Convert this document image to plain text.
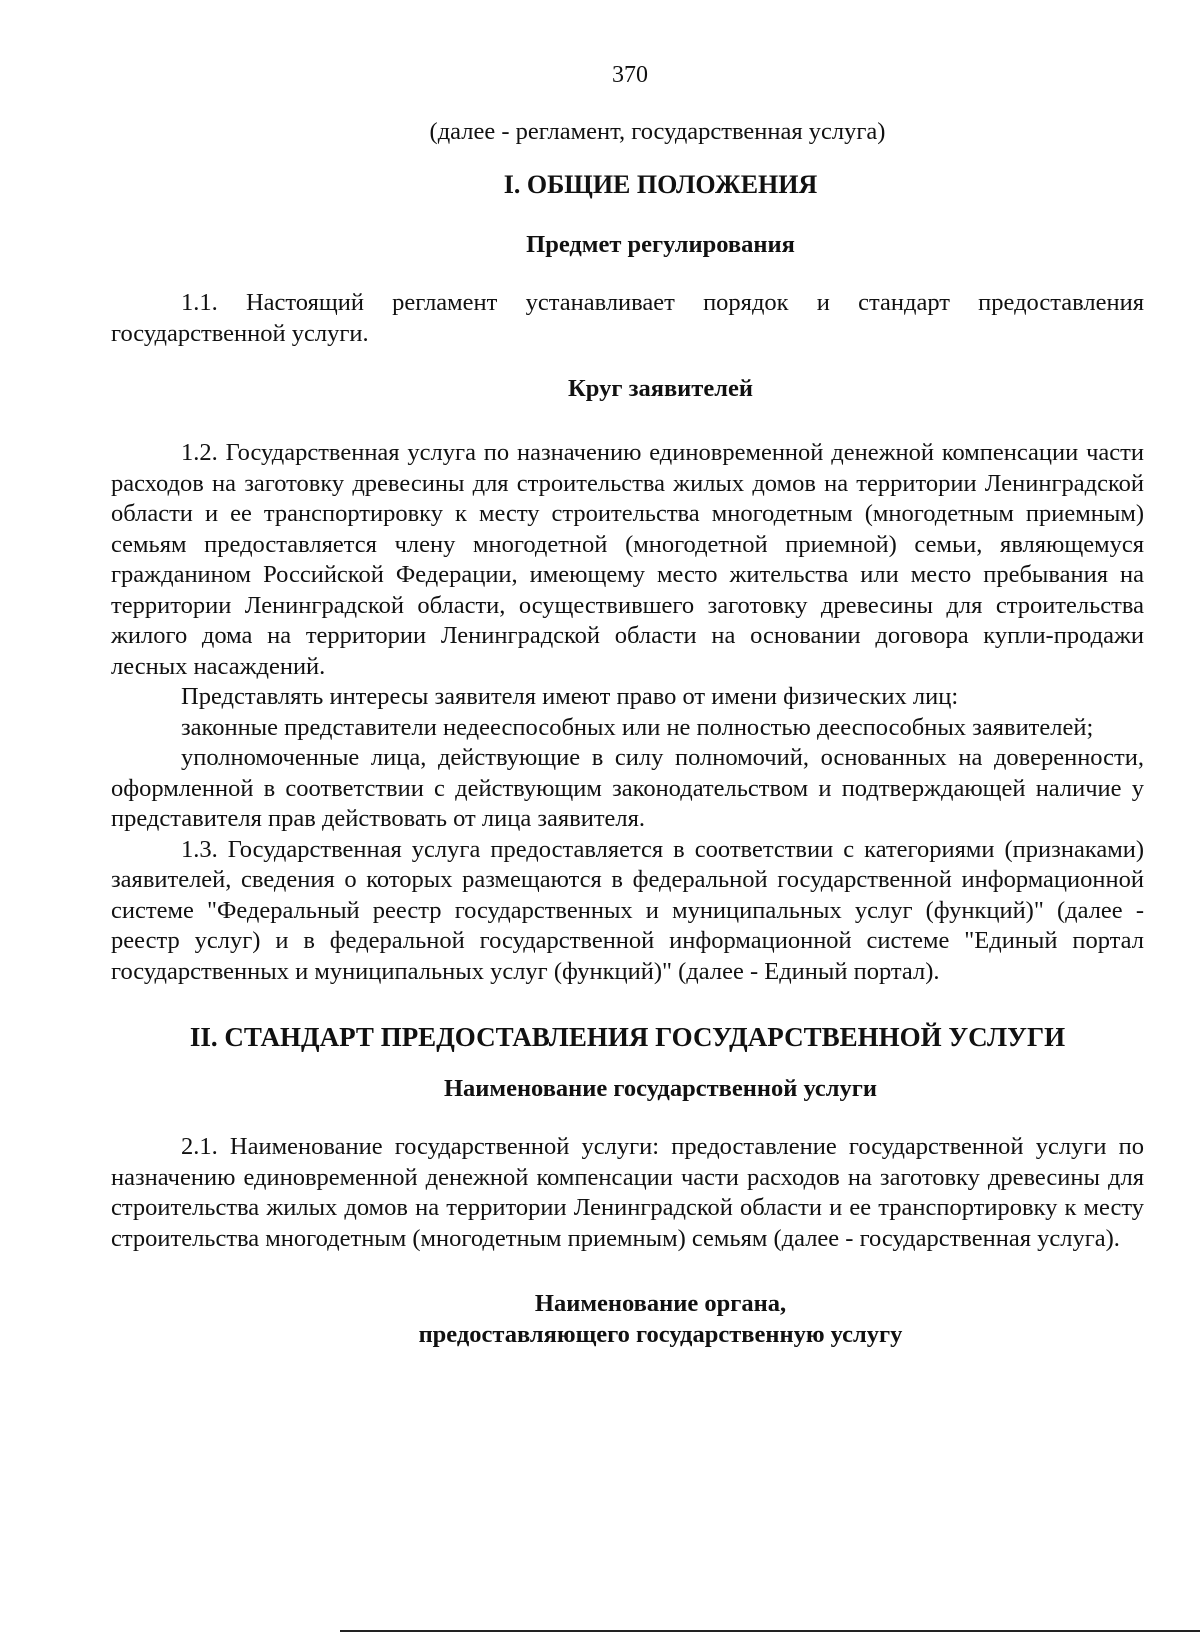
370

(далее - регламент, государственная услуга)

I. ОБЩИЕ ПОЛОЖЕНИЯ
Предмет регулирования

1.1. Настоящий регламент устанавливает порядок и стандарт предоставления государственной услуги.

Круг заявителей

1.2. Государственная услуга по назначению единовременной денежной компенсации части расходов на заготовку древесины для строительства жилых домов на территории Ленинградской области и ее транспортировку к месту строительства многодетным (многодетным приемным) семьям предоставляется члену многодетной (многодетной приемной) семьи, являющемуся гражданином Российской Федерации, имеющему место жительства или место пребывания на территории Ленинградской области, осуществившего заготовку древесины для строительства жилого дома на территории Ленинградской области на основании договора купли-продажи лесных насаждений.

Представлять интересы заявителя имеют право от имени физических лиц:

законные представители недееспособных или не полностью дееспособных заявителей;

уполномоченные лица, действующие в силу полномочий, основанных на доверенности, оформленной в соответствии с действующим законодательством и подтверждающей наличие у представителя прав действовать от лица заявителя.

1.3. Государственная услуга предоставляется в соответствии с категориями (признаками) заявителей, сведения о которых размещаются в федеральной государственной информационной системе "Федеральный реестр государственных и муниципальных услуг (функций)" (далее - реестр услуг) и в федеральной государственной информационной системе "Единый портал государственных и муниципальных услуг (функций)" (далее - Единый портал).

II. СТАНДАРТ ПРЕДОСТАВЛЕНИЯ ГОСУДАРСТВЕННОЙ УСЛУГИ
Наименование государственной услуги

2.1. Наименование государственной услуги: предоставление государственной услуги по назначению единовременной денежной компенсации части расходов на заготовку древесины для строительства жилых домов на территории Ленинградской области и ее транспортировку к месту строительства многодетным (многодетным приемным) семьям (далее - государственная услуга).

Наименование органа,
предоставляющего государственную услугу
